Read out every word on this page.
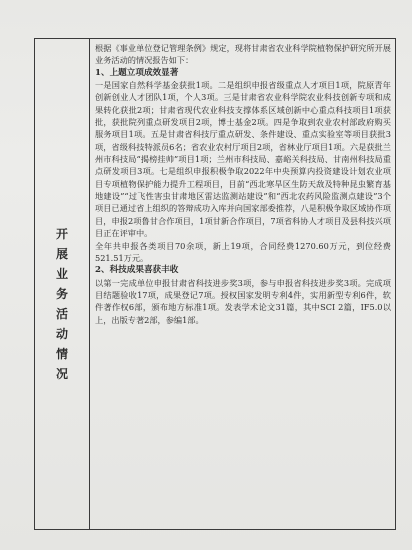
开
展
业
务
活
动
情
况

根据《事业单位登记管理条例》规定，现将甘肃省农业科学院植物保护研究所开展业务活动的情况报告如下：

1、上题立项成效显著

一是国家自然科学基金获批1项。二是组织申报省级重点人才项目1项，院原青年创新创业人才团队1项，个人3项。三是甘肃省农业科学院农业科技创新专项和成果转化获批2项；甘肃省现代农业科技支撑体系区域创新中心重点科技项目1项获批，获批院列重点研发项目2项，博士基金2项。四是争取到农业农村部政府购买服务项目1项。五是甘肃省科技厅重点研发、条件建设、重点实验室等项目获批3项，省级科技特派员6名；省农业农村厅项目2项，省林业厅项目1项。六是获批兰州市科技局“揭榜挂帅”项目1项；兰州市科技局、嘉峪关科技局、甘南州科技局重点研发项目3项。七是组织申报积极争取2022年中央预算内投资建设计划农业项目专项植物保护能力提升工程项目，目前“西北寒旱区生防天敌及特种昆虫繁育基地建设”“过飞性害虫甘肃地区雷达监测站建设”和“西北农药风险监测点建设”3个项目已通过省上组织的答辩成功入库并向国家部委推荐，八是积极争取区域协作项目，申报2项鲁甘合作项目，1项甘新合作项目，7项省科协人才项目及县科技兴项目正在评审中。

全年共申报各类项目70余项，新上19项，合同经费1270.60万元，到位经费521.51万元。

2、科技成果喜获丰收

以第一完成单位申报甘肃省科技进步奖3项，参与申报省科技进步奖3项。完成项目结题验收17项，成果登记7项。授权国家发明专利4件，实用新型专利6件，软件著作权6部，颁布地方标准1项。发表学术论文31篇，其中SCI 2篇，IF5.0以上，出版专著2部，参编1部。
